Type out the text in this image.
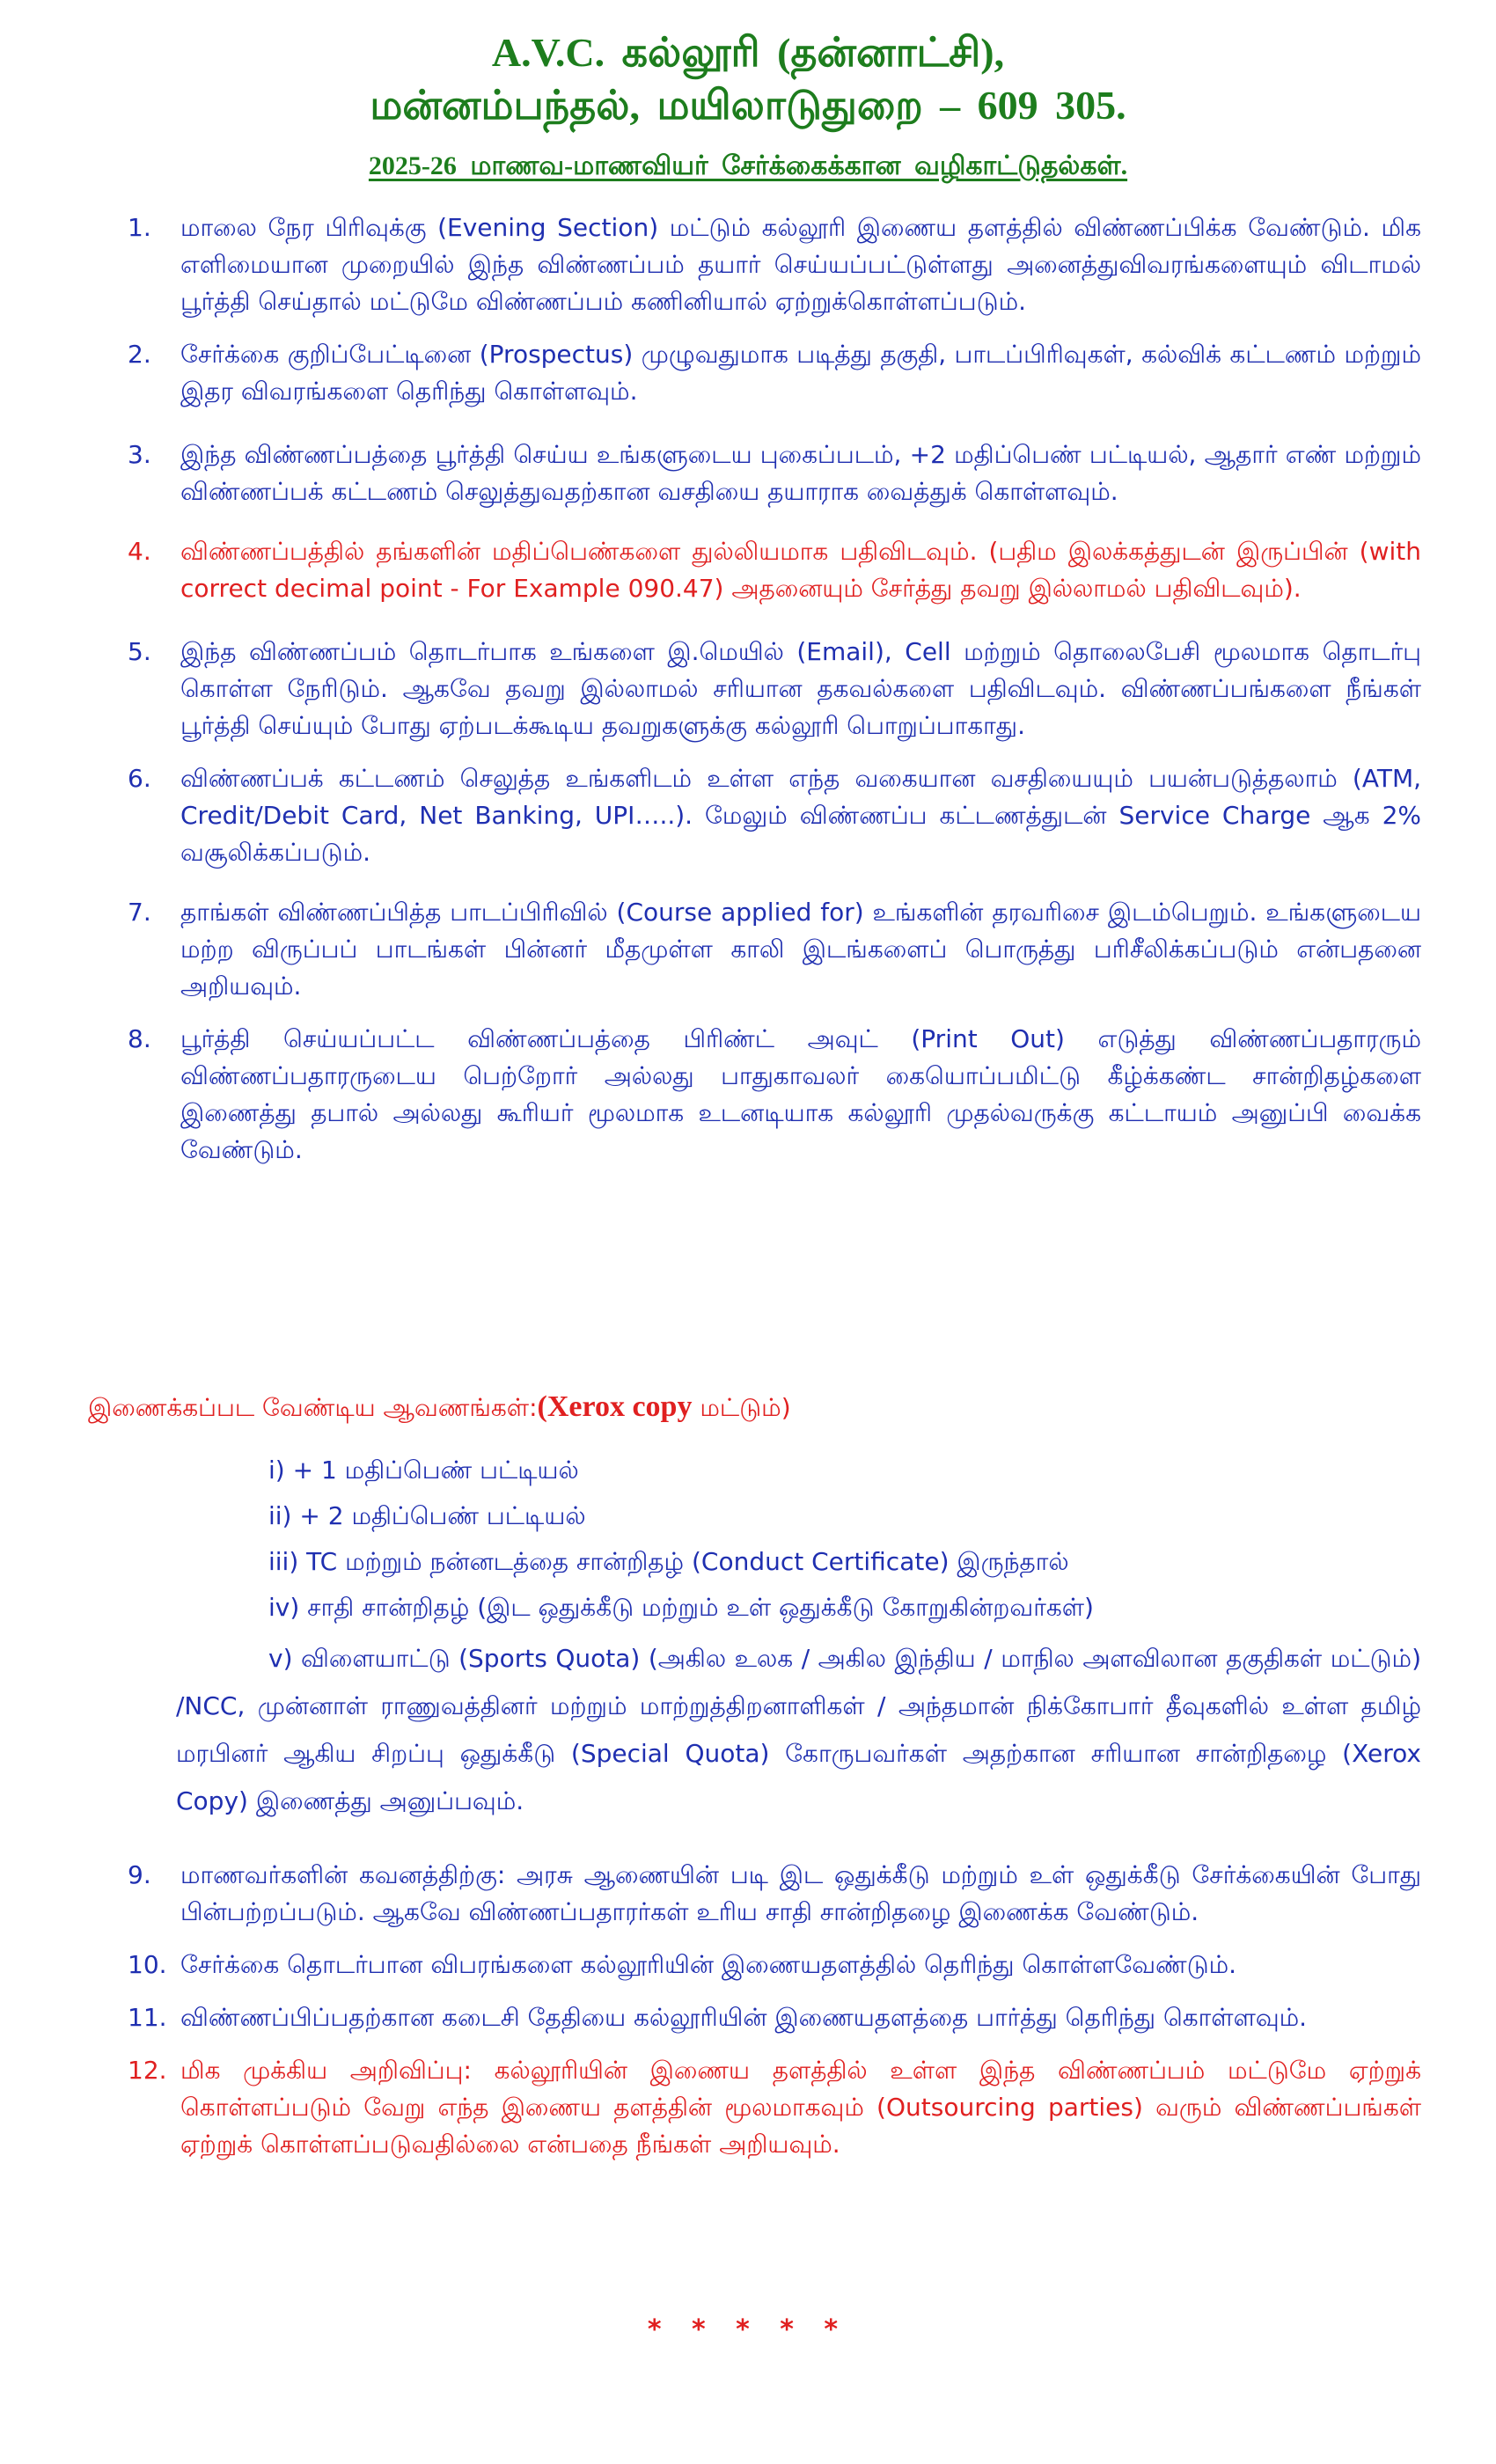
A.V.C. கல்லூரி (தன்னாட்சி),
மன்னம்பந்தல், மயிலாடுதுறை – 609 305.
2025-26 மாணவ-மாணவியர் சேர்க்கைக்கான வழிகாட்டுதல்கள்.
1. மாலை நேர பிரிவுக்கு (Evening Section) மட்டும் கல்லூரி இணைய தளத்தில் விண்ணப்பிக்க வேண்டும். மிக எளிமையான முறையில் இந்த விண்ணப்பம் தயார் செய்யப்பட்டுள்ளது அனைத்துவிவரங்களையும் விடாமல் பூர்த்தி செய்தால் மட்டுமே விண்ணப்பம் கணினியால் ஏற்றுக்கொள்ளப்படும்.
2. சேர்க்கை குறிப்பேட்டினை (Prospectus) முழுவதுமாக படித்து தகுதி, பாடப்பிரிவுகள், கல்விக் கட்டணம் மற்றும் இதர விவரங்களை தெரிந்து கொள்ளவும்.
3. இந்த விண்ணப்பத்தை பூர்த்தி செய்ய உங்களுடைய புகைப்படம், +2 மதிப்பெண் பட்டியல், ஆதார் எண் மற்றும் விண்ணப்பக் கட்டணம் செலுத்துவதற்கான வசதியை தயாராக வைத்துக் கொள்ளவும்.
4. விண்ணப்பத்தில் தங்களின் மதிப்பெண்களை துல்லியமாக பதிவிடவும். (பதிம இலக்கத்துடன் இருப்பின் (with correct decimal point - For Example 090.47) அதனையும் சேர்த்து தவறு இல்லாமல் பதிவிடவும்).
5. இந்த விண்ணப்பம் தொடர்பாக உங்களை இ.மெயில் (Email), Cell மற்றும் தொலைபேசி மூலமாக தொடர்பு கொள்ள நேரிடும். ஆகவே தவறு இல்லாமல் சரியான தகவல்களை பதிவிடவும். விண்ணப்பங்களை நீங்கள் பூர்த்தி செய்யும் போது ஏற்படக்கூடிய தவறுகளுக்கு கல்லூரி பொறுப்பாகாது.
6. விண்ணப்பக் கட்டணம் செலுத்த உங்களிடம் உள்ள எந்த வகையான வசதியையும் பயன்படுத்தலாம் (ATM, Credit/Debit Card, Net Banking, UPI…..). மேலும் விண்ணப்ப கட்டணத்துடன் Service Charge ஆக 2% வசூலிக்கப்படும்.
7. தாங்கள் விண்ணப்பித்த பாடப்பிரிவில் (Course applied for) உங்களின் தரவரிசை இடம்பெறும். உங்களுடைய மற்ற விருப்பப் பாடங்கள் பின்னர் மீதமுள்ள காலி இடங்களைப் பொருத்து பரிசீலிக்கப்படும் என்பதனை அறியவும்.
8. பூர்த்தி செய்யப்பட்ட விண்ணப்பத்தை பிரிண்ட் அவுட் (Print Out) எடுத்து விண்ணப்பதாரரும் விண்ணப்பதாரருடைய பெற்றோர் அல்லது பாதுகாவலர் கையொப்பமிட்டு கீழ்க்கண்ட சான்றிதழ்களை இணைத்து தபால் அல்லது கூரியர் மூலமாக உடனடியாக கல்லூரி முதல்வருக்கு கட்டாயம் அனுப்பி வைக்க வேண்டும்.
இணைக்கப்பட வேண்டிய ஆவணங்கள்:(Xerox copy மட்டும்)
i) + 1 மதிப்பெண் பட்டியல்
ii) + 2 மதிப்பெண் பட்டியல்
iii) TC மற்றும் நன்னடத்தை சான்றிதழ் (Conduct Certificate) இருந்தால்
iv) சாதி சான்றிதழ் (இட ஒதுக்கீடு மற்றும் உள் ஒதுக்கீடு கோறுகின்றவர்கள்)
v) விளையாட்டு (Sports Quota) (அகில உலக / அகில இந்திய / மாநில அளவிலான தகுதிகள் மட்டும்) /NCC, முன்னாள் ராணுவத்தினர் மற்றும் மாற்றுத்திறனாளிகள் / அந்தமான் நிக்கோபார் தீவுகளில் உள்ள தமிழ் மரபினர் ஆகிய சிறப்பு ஒதுக்கீடு (Special Quota) கோருபவர்கள் அதற்கான சரியான சான்றிதழை (Xerox Copy) இணைத்து அனுப்பவும்.
9. மாணவர்களின் கவனத்திற்கு: அரசு ஆணையின் படி இட ஒதுக்கீடு மற்றும் உள் ஒதுக்கீடு சேர்க்கையின் போது பின்பற்றப்படும். ஆகவே விண்ணப்பதாரர்கள் உரிய சாதி சான்றிதழை இணைக்க வேண்டும்.
10. சேர்க்கை தொடர்பான விபரங்களை கல்லூரியின் இணையதளத்தில் தெரிந்து கொள்ளவேண்டும்.
11. விண்ணப்பிப்பதற்கான கடைசி தேதியை கல்லூரியின் இணையதளத்தை பார்த்து தெரிந்து கொள்ளவும்.
12. மிக முக்கிய அறிவிப்பு: கல்லூரியின் இணைய தளத்தில் உள்ள இந்த விண்ணப்பம் மட்டுமே ஏற்றுக் கொள்ளப்படும் வேறு எந்த இணைய தளத்தின் மூலமாகவும் (Outsourcing parties) வரும் விண்ணப்பங்கள் ஏற்றுக் கொள்ளப்படுவதில்லை என்பதை நீங்கள் அறியவும்.
* * * * *
